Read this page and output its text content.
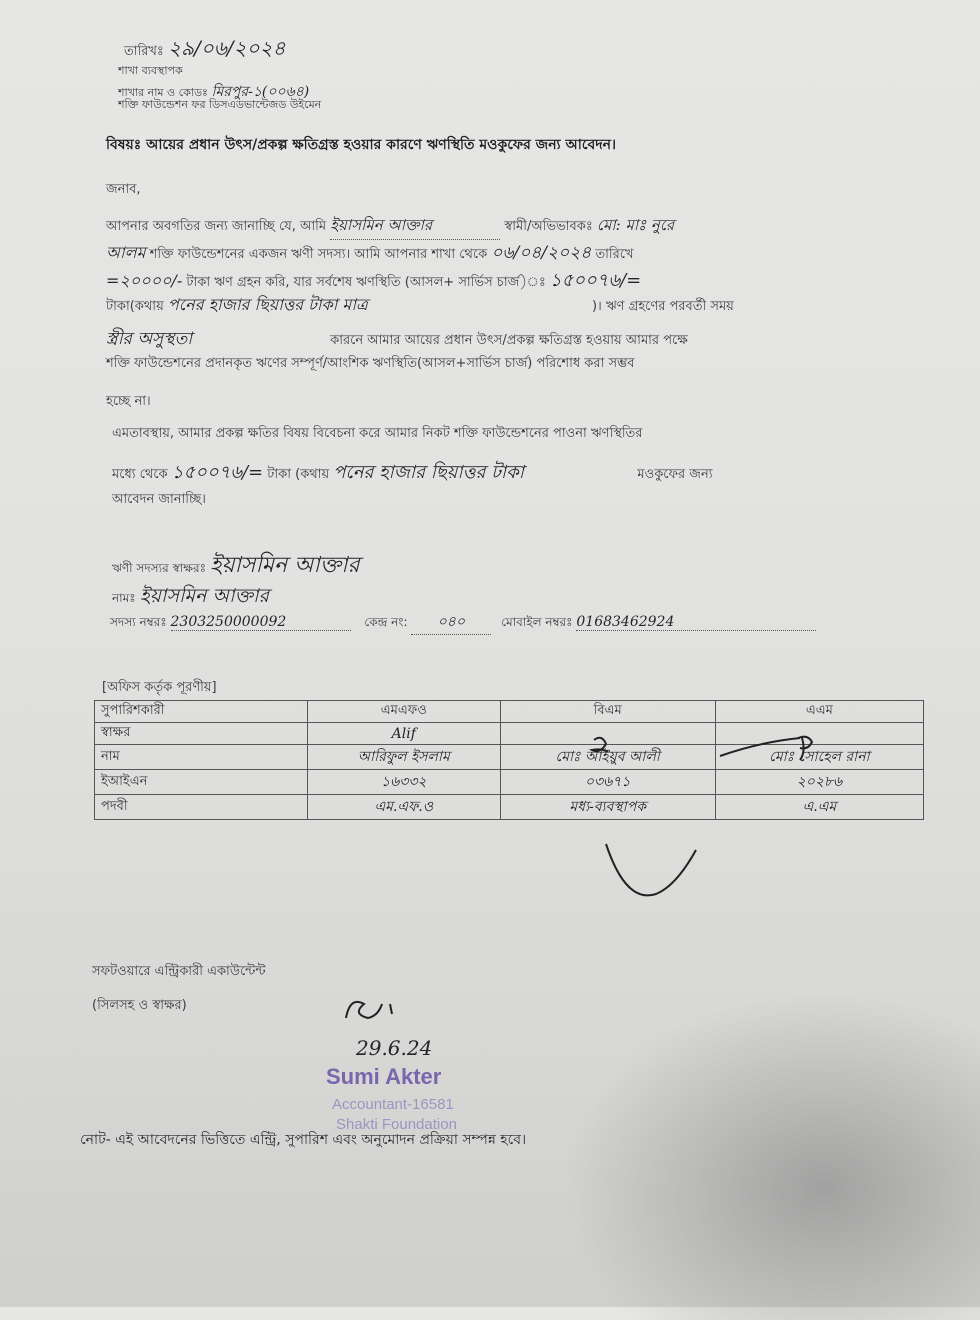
তারিখঃ ২৯/০৬/২০২৪
শাখা ব্যবস্থাপক
শাখার নাম ও কোডঃ মিরপুর-১(০০৬৪)
শক্তি ফাউন্ডেশন ফর ডিসএডভান্টেজড উইমেন
বিষয়ঃ আয়ের প্রধান উৎস/প্রকল্প ক্ষতিগ্রস্ত হওয়ার কারণে ঋণস্থিতি মওকুফের জন্য আবেদন।
জনাব,
আপনার অবগতির জন্য জানাচ্ছি যে, আমি ইয়াসমিন আক্তার	স্বামী/অভিভাবকঃ মো: মাঃ নুরে
আলম শক্তি ফাউন্ডেশনের একজন ঋণী সদস্য। আমি আপনার শাখা থেকে ০৬/০৪/২০২৪ তারিখে
=২০০০০/- টাকা ঋণ গ্রহন করি, যার সর্বশেষ ঋণস্থিতি (আসল+ সার্ভিস চার্জ)ঃ ১৫০০৭৬/=
টাকা(কথায় পনের হাজার ছিয়াত্তর টাকা মাত্র	)। ঋণ গ্রহণের পরবর্তী সময়
স্ত্রীর অসুস্থতা	কারনে আমার আয়ের প্রধান উৎস/প্রকল্প ক্ষতিগ্রস্ত হওয়ায় আমার পক্ষে
শক্তি ফাউন্ডেশনের প্রদানকৃত ঋণের সম্পূর্ণ/আংশিক ঋণস্থিতি(আসল+সার্ভিস চার্জ) পরিশোধ করা সম্ভব
হচ্ছে না।
এমতাবস্থায়, আমার প্রকল্প ক্ষতির বিষয় বিবেচনা করে আমার নিকট শক্তি ফাউন্ডেশনের পাওনা ঋণস্থিতির
মধ্যে থেকে ১৫০০৭৬/= টাকা (কথায় পনের হাজার ছিয়াত্তর টাকা	মওকুফের জন্য
আবেদন জানাচ্ছি।
ঋণী সদস্যর স্বাক্ষরঃ ইয়াসমিন আক্তার
নামঃ ইয়াসমিন আক্তার
সদস্য নম্বরঃ 2303250000092	কেন্দ্র নং: ০৪০	মোবাইল নম্বরঃ 01683462924
[অফিস কর্তৃক পূরণীয়]
সুপারিশকারী	এমএফও	বিএম	এএম
স্বাক্ষর	Alif		
নাম	আরিফুল ইসলাম	মোঃ আইয়ুব আলী	মোঃ সোহেল রানা
ইআইএন	১৬৩৩২	০৩৬৭১	২০২৮৬
পদবী	এম.এফ.ও	মধ্য-ব্যবস্থাপক	এ.এম
সফটওয়ারে এন্ট্রিকারী একাউন্টেন্ট
(সিলসহ ও স্বাক্ষর)
29.6.24
Sumi Akter
Accountant-16581
Shakti Foundation
নোট- এই আবেদনের ভিত্তিতে এন্ট্রি, সুপারিশ এবং অনুমোদন প্রক্রিয়া সম্পন্ন হবে।
